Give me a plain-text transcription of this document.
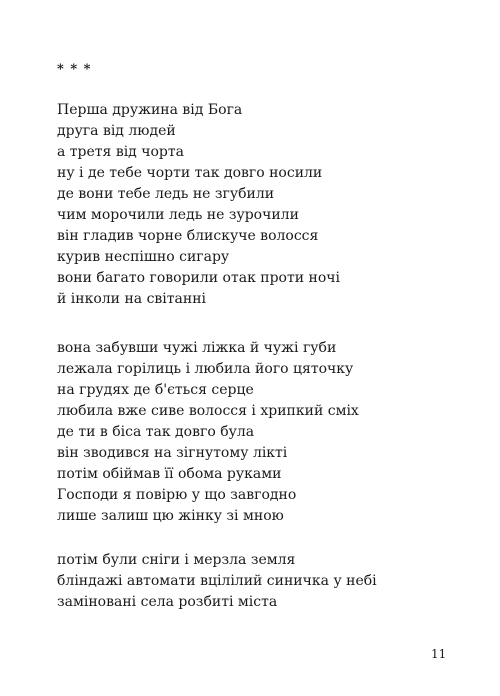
* * *
Перша дружина від Бога
друга від людей
а третя від чорта
ну і де тебе чорти так довго носили
де вони тебе ледь не згубили
чим морочили ледь не зурочили
він гладив чорне блискуче волосся
курив неспішно сигару
вони багато говорили отак проти ночі
й інколи на світанні
вона забувши чужі ліжка й чужі губи
лежала горілиць і любила його цяточку
на грудях де б'ється серце
любила вже сиве волосся і хрипкий сміх
де ти в біса так довго була
він зводився на зігнутому лікті
потім обіймав її обома руками
Господи я повірю у що завгодно
лише залиш цю жінку зі мною
потім були сніги і мерзла земля
бліндажі автомати вцілілий синичка у небі
заміновані села розбиті міста
11
